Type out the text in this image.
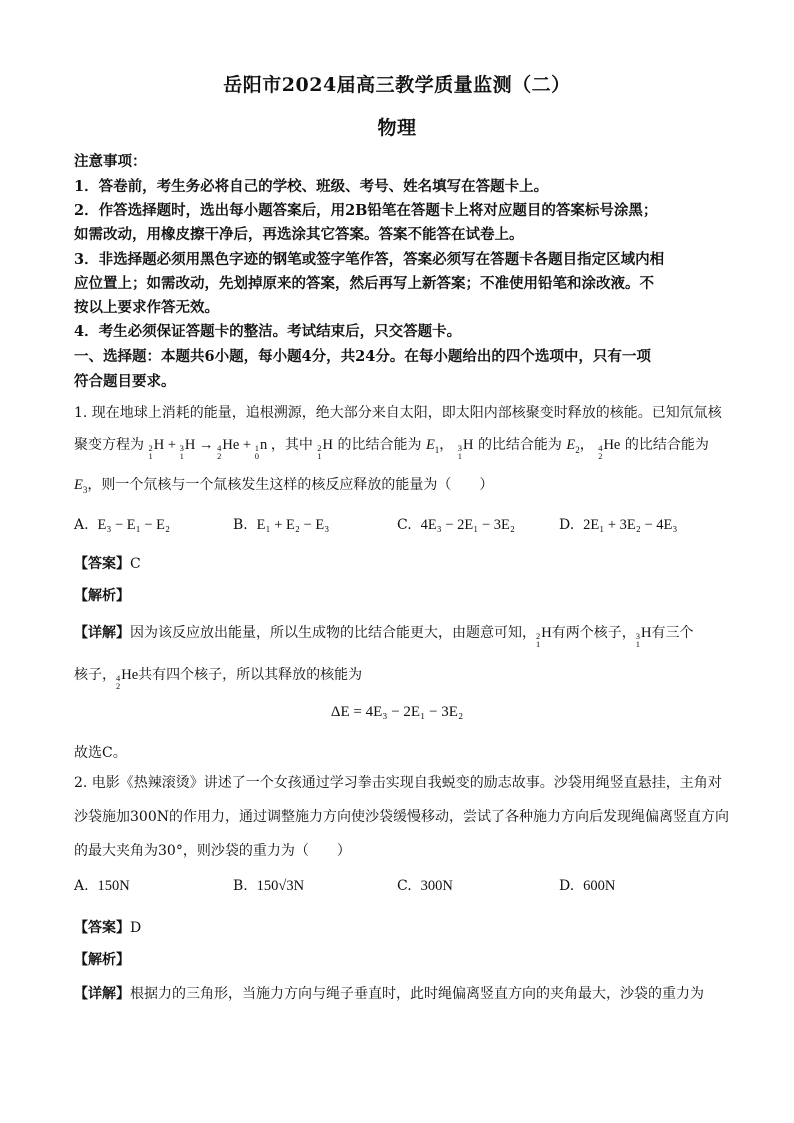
岳阳市2024届高三教学质量监测（二）
物理
注意事项：
1．答卷前，考生务必将自己的学校、班级、考号、姓名填写在答题卡上。
2．作答选择题时，选出每小题答案后，用2B铅笔在答题卡上将对应题目的答案标号涂黑；
如需改动，用橡皮擦干净后，再选涂其它答案。答案不能答在试卷上。
3．非选择题必须用黑色字迹的钢笔或签字笔作答，答案必须写在答题卡各题目指定区域内相
应位置上；如需改动，先划掉原来的答案，然后再写上新答案；不准使用铅笔和涂改液。不
按以上要求作答无效。
4．考生必须保证答题卡的整洁。考试结束后，只交答题卡。
一、选择题：本题共6小题，每小题4分，共24分。在每小题给出的四个选项中，只有一项
符合题目要求。
1. 现在地球上消耗的能量，追根溯源，绝大部分来自太阳，即太阳内部核聚变时释放的核能。已知氘氚核
聚变方程为 2
1H + 3
1H → 4
2He + 1
0n ，其中 2
1H 的比结合能为 $E_1$， 3
1H 的比结合能为 $E_2$， 4
2He 的比结合能为
$E_3$，则一个氘核与一个氚核发生这样的核反应释放的能量为（　　）
A. E₃ − E₁ − E₂	B. E₁ + E₂ − E₃	C. 4E₃ − 2E₁ − 3E₂	D. 2E₁ + 3E₂ − 4E₃
【答案】C
【解析】
【详解】因为该反应放出能量，所以生成物的比结合能更大，由题意可知，2
1H有两个核子，3
1H有三个
核子，4
2He共有四个核子，所以其释放的核能为
ΔE = 4E₃ − 2E₁ − 3E₂
故选C。
2. 电影《热辣滚烫》讲述了一个女孩通过学习拳击实现自我蜕变的励志故事。沙袋用绳竖直悬挂，主角对
沙袋施加300N的作用力，通过调整施力方向使沙袋缓慢移动，尝试了各种施力方向后发现绳偏离竖直方向
的最大夹角为30°，则沙袋的重力为（　　）
A. 150N	B. 150√3N	C. 300N	D. 600N
【答案】D
【解析】
【详解】根据力的三角形，当施力方向与绳子垂直时，此时绳偏离竖直方向的夹角最大，沙袋的重力为
